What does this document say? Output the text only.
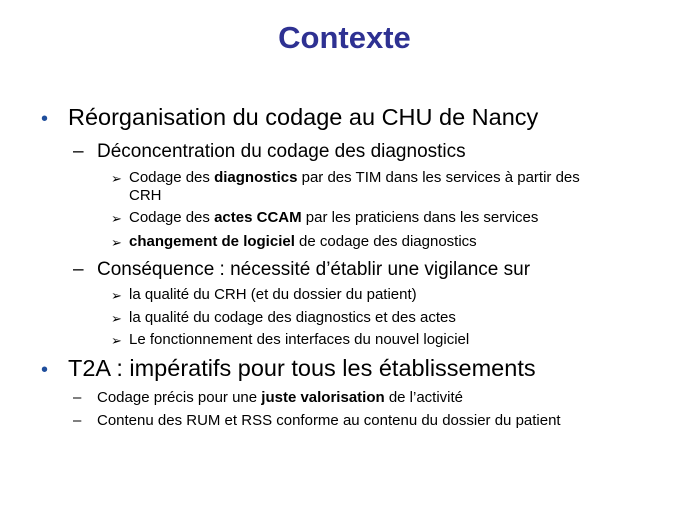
Contexte
• Réorganisation du codage au CHU de Nancy
– Déconcentration du codage des diagnostics
➢ Codage des diagnostics par des TIM dans les services à partir des
CRH
➢ Codage des actes CCAM par les praticiens dans les services
➢ changement de logiciel de codage des diagnostics
– Conséquence : nécessité d’établir une vigilance sur
➢ la qualité du CRH (et du dossier du patient)
➢ la qualité du codage des diagnostics et des actes
➢ Le fonctionnement des interfaces du nouvel logiciel
• T2A : impératifs pour tous les établissements
– Codage précis pour une juste valorisation de l’activité
– Contenu des RUM et RSS conforme au contenu du dossier du patient
